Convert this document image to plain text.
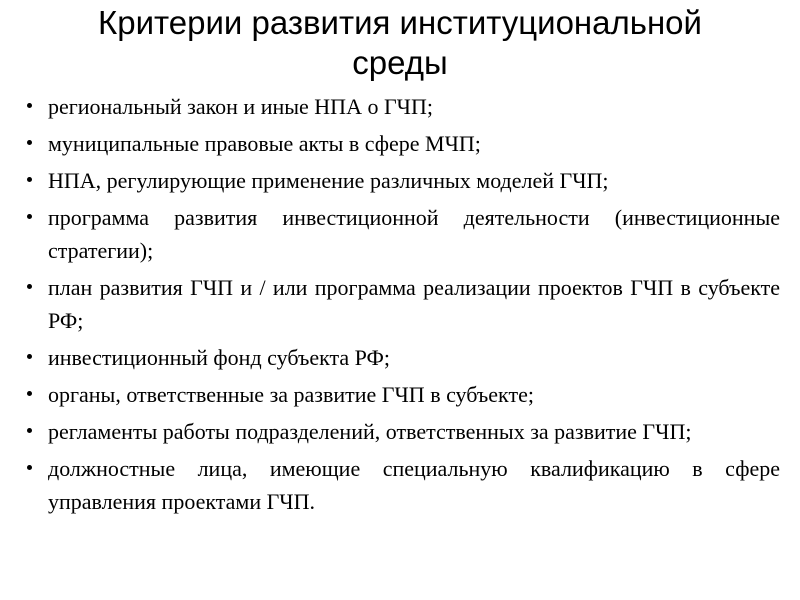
Критерии развития институциональной среды
региональный закон и иные НПА о ГЧП;
муниципальные правовые акты в сфере МЧП;
НПА, регулирующие применение различных моделей ГЧП;
программа развития инвестиционной деятельности (инвестиционные стратегии);
план развития ГЧП и / или программа реализации проектов ГЧП в субъекте РФ;
инвестиционный фонд субъекта РФ;
органы, ответственные за развитие ГЧП в субъекте;
регламенты работы подразделений, ответственных за развитие ГЧП;
должностные лица, имеющие специальную квалификацию в сфере управления проектами ГЧП.
